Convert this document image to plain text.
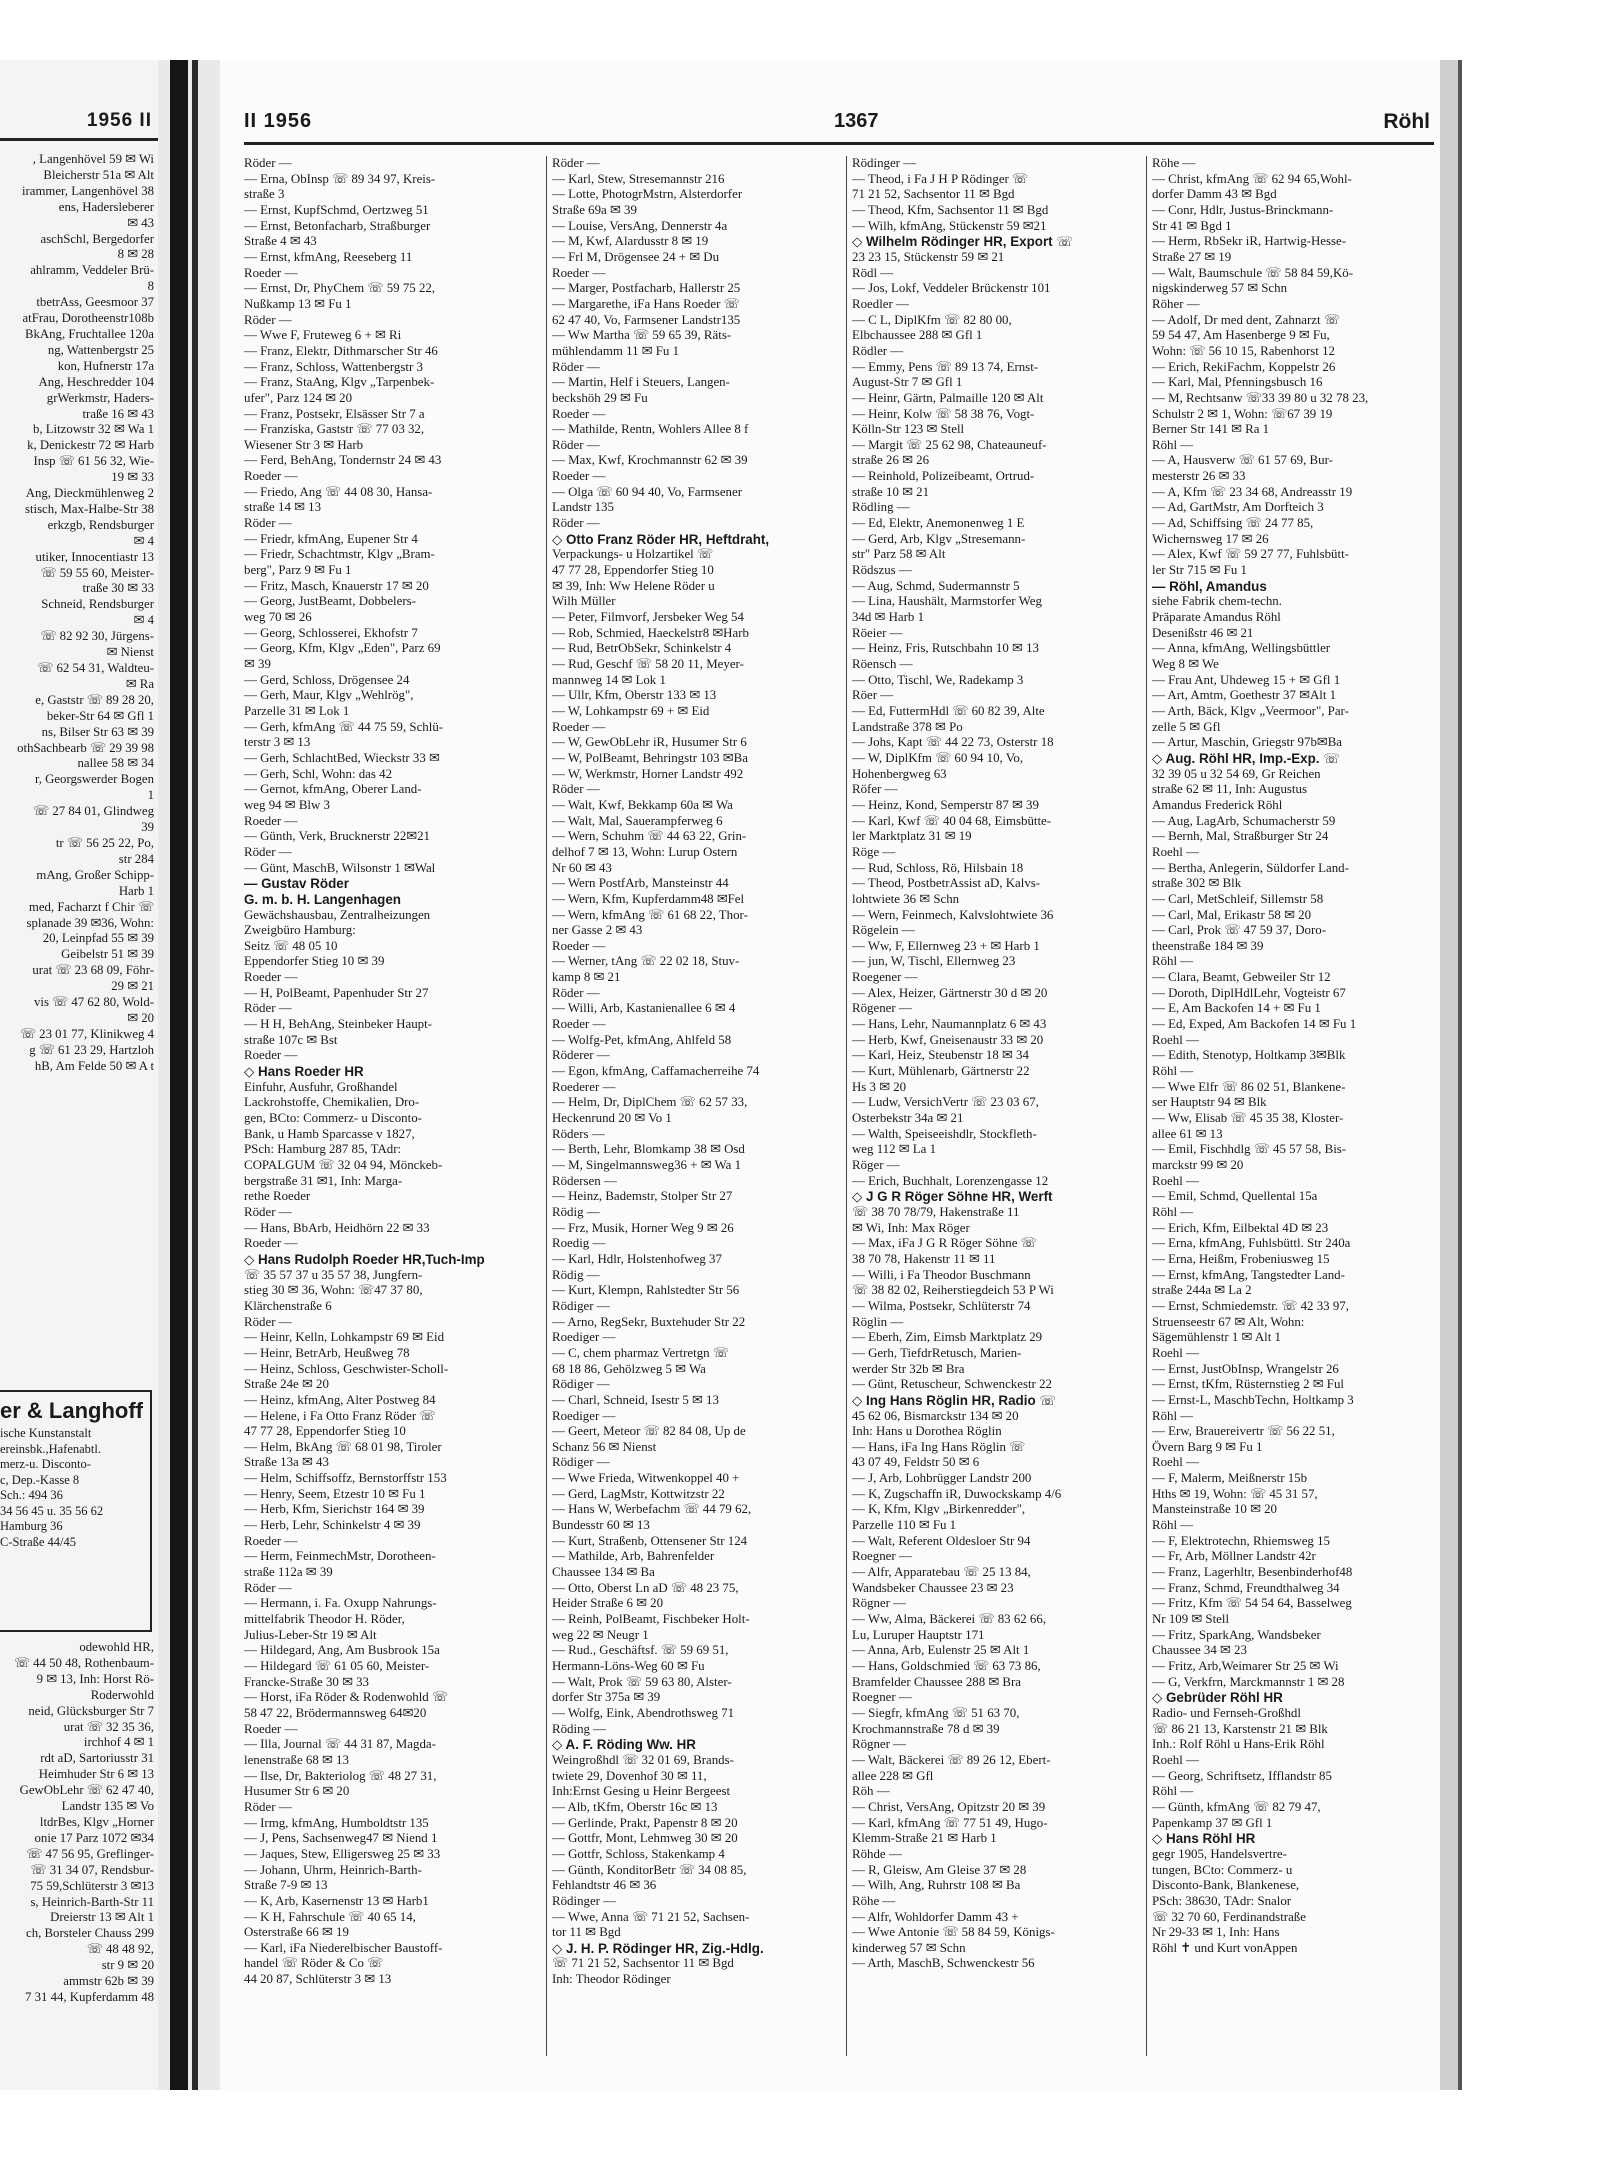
1956 II
, Langenhövel 59 ✉ Wi
Bleicherstr 51a ✉ Alt
irammer, Langenhövel 38
ens, Hadersleberer
✉ 43
aschSchl, Bergedorfer
8 ✉ 28
ahlramm, Veddeler Brü-
8
tbetrAss, Geesmoor 37
atFrau, Dorotheenstr108b
BkAng, Fruchtallee 120a
ng, Wattenbergstr 25
kon, Hufnerstr 17a
Ang, Heschredder 104
grWerkmstr, Haders-
traße 16 ✉ 43
b, Litzowstr 32 ✉ Wa 1
k, Denickestr 72 ✉ Harb
Insp ☏ 61 56 32, Wie-
19 ✉ 33
Ang, Dieckmühlenweg 2
stisch, Max-Halbe-Str 38
erkzgb, Rendsburger
✉ 4
utiker, Innocentiastr 13
☏ 59 55 60, Meister-
traße 30 ✉ 33
Schneid, Rendsburger
✉ 4
☏ 82 92 30, Jürgens-
✉ Nienst
☏ 62 54 31, Waldteu-
✉ Ra
e, Gaststr ☏ 89 28 20,
beker-Str 64 ✉ Gfl 1
ns, Bilser Str 63 ✉ 39
othSachbearb ☏ 29 39 98
nallee 58 ✉ 34
r, Georgswerder Bogen
1
☏ 27 84 01, Glindweg
39
tr ☏ 56 25 22, Po,
str 284
mAng, Großer Schipp-
Harb 1
med, Facharzt f Chir ☏
splanade 39 ✉36, Wohn:
20, Leinpfad 55 ✉ 39
Geibelstr 51 ✉ 39
urat ☏ 23 68 09, Föhr-
29 ✉ 21
vis ☏ 47 62 80, Wold-
✉ 20
☏ 23 01 77, Klinikweg 4
g ☏ 61 23 29, Hartzloh
hB, Am Felde 50 ✉ A t
er & Langhoff
ische Kunstanstalt
ereinsbk.,Hafenabtl.
merz-u. Disconto-
c, Dep.-Kasse 8
Sch.: 494 36
34 56 45 u. 35 56 62
Hamburg 36
C-Straße 44/45
odewohld HR,
☏ 44 50 48, Rothenbaum-
9 ✉ 13, Inh: Horst Rö-
Roderwohld
neid, Glücksburger Str 7
urat ☏ 32 35 36,
irchhof 4 ✉ 1
rdt aD, Sartoriusstr 31
Heimhuder Str 6 ✉ 13
GewObLehr ☏ 62 47 40,
Landstr 135 ✉ Vo
ltdrBes, Klgv „Horner
onie 17 Parz 1072 ✉34
☏ 47 56 95, Greflinger-
☏ 31 34 07, Rendsbur-
75 59,Schlüterstr 3 ✉13
s, Heinrich-Barth-Str 11
Dreierstr 13 ✉ Alt 1
ch, Borsteler Chauss 299
☏ 48 48 92,
str 9 ✉ 20
ammstr 62b ✉ 39
7 31 44, Kupferdamm 48
II 1956	1367	Röhl
Röder —
— Erna, ObInsp ☏ 89 34 97, Kreis-
straße 3
— Ernst, KupfSchmd, Oertzweg 51
— Ernst, Betonfacharb, Straßburger
Straße 4 ✉ 43
— Ernst, kfmAng, Reeseberg 11
Roeder —
— Ernst, Dr, PhyChem ☏ 59 75 22,
Nußkamp 13 ✉ Fu 1
Röder —
— Wwe F, Fruteweg 6 + ✉ Ri
— Franz, Elektr, Dithmarscher Str 46
— Franz, Schloss, Wattenbergstr 3
— Franz, StaAng, Klgv „Tarpenbek-
ufer", Parz 124 ✉ 20
— Franz, Postsekr, Elsässer Str 7 a
— Franziska, Gaststr ☏ 77 03 32,
Wiesener Str 3 ✉ Harb
— Ferd, BehAng, Tondernstr 24 ✉ 43
Roeder —
— Friedo, Ang ☏ 44 08 30, Hansa-
straße 14 ✉ 13
Röder —
— Friedr, kfmAng, Eupener Str 4
— Friedr, Schachtmstr, Klgv „Bram-
berg", Parz 9 ✉ Fu 1
— Fritz, Masch, Knauerstr 17 ✉ 20
— Georg, JustBeamt, Dobbelers-
weg 70 ✉ 26
— Georg, Schlosserei, Ekhofstr 7
— Georg, Kfm, Klgv „Eden", Parz 69
✉ 39
— Gerd, Schloss, Drögensee 24
— Gerh, Maur, Klgv „Wehlrög",
Parzelle 31 ✉ Lok 1
— Gerh, kfmAng ☏ 44 75 59, Schlü-
terstr 3 ✉ 13
— Gerh, SchlachtBed, Wieckstr 33 ✉
— Gerh, Schl, Wohn: das 42
— Gernot, kfmAng, Oberer Land-
weg 94 ✉ Blw 3
Roeder —
— Günth, Verk, Brucknerstr 22✉21
Röder —
— Günt, MaschB, Wilsonstr 1 ✉Wal
— Gustav Röder
G. m. b. H. Langenhagen
Gewächshausbau, Zentralheizungen
Zweigbüro Hamburg:
Seitz ☏ 48 05 10
Eppendorfer Stieg 10 ✉ 39
Roeder —
— H, PolBeamt, Papenhuder Str 27
Röder —
— H H, BehAng, Steinbeker Haupt-
straße 107c ✉ Bst
Roeder —
◇ Hans Roeder HR
Einfuhr, Ausfuhr, Großhandel
Lackrohstoffe, Chemikalien, Dro-
gen, BCto: Commerz- u Disconto-
Bank, u Hamb Sparcasse v 1827,
PSch: Hamburg 287 85, TAdr:
COPALGUM ☏ 32 04 94, Mönckeb-
bergstraße 31 ✉1, Inh: Marga-
rethe Roeder
Röder —
— Hans, BbArb, Heidhörn 22 ✉ 33
Roeder —
◇ Hans Rudolph Roeder HR,Tuch-Imp
☏ 35 57 37 u 35 57 38, Jungfern-
stieg 30 ✉ 36, Wohn: ☏47 37 80,
Klärchenstraße 6
Röder —
— Heinr, Kelln, Lohkampstr 69 ✉ Eid
— Heinr, BetrArb, Heußweg 78
— Heinz, Schloss, Geschwister-Scholl-
Straße 24e ✉ 20
— Heinz, kfmAng, Alter Postweg 84
— Helene, i Fa Otto Franz Röder ☏
47 77 28, Eppendorfer Stieg 10
— Helm, BkAng ☏ 68 01 98, Tiroler
Straße 13a ✉ 43
— Helm, Schiffsoffz, Bernstorffstr 153
— Henry, Seem, Etzestr 10 ✉ Fu 1
— Herb, Kfm, Sierichstr 164 ✉ 39
— Herb, Lehr, Schinkelstr 4 ✉ 39
Roeder —
— Herm, FeinmechMstr, Dorotheen-
straße 112a ✉ 39
Röder —
— Hermann, i. Fa. Oxupp Nahrungs-
mittelfabrik Theodor H. Röder,
Julius-Leber-Str 19 ✉ Alt
— Hildegard, Ang, Am Busbrook 15a
— Hildegard ☏ 61 05 60, Meister-
Francke-Straße 30 ✉ 33
— Horst, iFa Röder & Rodenwohld ☏
58 47 22, Brödermannsweg 64✉20
Roeder —
— Illa, Journal ☏ 44 31 87, Magda-
lenenstraße 68 ✉ 13
— Ilse, Dr, Bakteriolog ☏ 48 27 31,
Husumer Str 6 ✉ 20
Röder —
— Irmg, kfmAng, Humboldtstr 135
— J, Pens, Sachsenweg47 ✉ Niend 1
— Jaques, Stew, Elligersweg 25 ✉ 33
— Johann, Uhrm, Heinrich-Barth-
Straße 7-9 ✉ 13
— K, Arb, Kasernenstr 13 ✉ Harb1
— K H, Fahrschule ☏ 40 65 14,
Osterstraße 66 ✉ 19
— Karl, iFa Niederelbischer Baustoff-
handel ☏ Röder & Co ☏
44 20 87, Schlüterstr 3 ✉ 13
Röder —
— Karl, Stew, Stresemannstr 216
— Lotte, PhotogrMstrn, Alsterdorfer
Straße 69a ✉ 39
— Louise, VersAng, Dennerstr 4a
— M, Kwf, Alardusstr 8 ✉ 19
— Frl M, Drögensee 24 + ✉ Du
Roeder —
— Marger, Postfacharb, Hallerstr 25
— Margarethe, iFa Hans Roeder ☏
62 47 40, Vo, Farmsener Landstr135
— Ww Martha ☏ 59 65 39, Räts-
mühlendamm 11 ✉ Fu 1
Röder —
— Martin, Helf i Steuers, Langen-
beckshöh 29 ✉ Fu
Roeder —
— Mathilde, Rentn, Wohlers Allee 8 f
Röder —
— Max, Kwf, Krochmannstr 62 ✉ 39
Roeder —
— Olga ☏ 60 94 40, Vo, Farmsener
Landstr 135
Röder —
◇ Otto Franz Röder HR, Heftdraht,
Verpackungs- u Holzartikel ☏
47 77 28, Eppendorfer Stieg 10
✉ 39, Inh: Ww Helene Röder u
Wilh Müller
— Peter, Filmvorf, Jersbeker Weg 54
— Rob, Schmied, Haeckelstr8 ✉Harb
— Rud, BetrObSekr, Schinkelstr 4
— Rud, Geschf ☏ 58 20 11, Meyer-
mannweg 14 ✉ Lok 1
— Ullr, Kfm, Oberstr 133 ✉ 13
— W, Lohkampstr 69 + ✉ Eid
Roeder —
— W, GewObLehr iR, Husumer Str 6
— W, PolBeamt, Behringstr 103 ✉Ba
— W, Werkmstr, Horner Landstr 492
Röder —
— Walt, Kwf, Bekkamp 60a ✉ Wa
— Walt, Mal, Sauerampferweg 6
— Wern, Schuhm ☏ 44 63 22, Grin-
delhof 7 ✉ 13, Wohn: Lurup Ostern
Nr 60 ✉ 43
— Wern PostfArb, Mansteinstr 44
— Wern, Kfm, Kupferdamm48 ✉Fel
— Wern, kfmAng ☏ 61 68 22, Thor-
ner Gasse 2 ✉ 43
Roeder —
— Werner, tAng ☏ 22 02 18, Stuv-
kamp 8 ✉ 21
Röder —
— Willi, Arb, Kastanienallee 6 ✉ 4
Roeder —
— Wolfg-Pet, kfmAng, Ahlfeld 58
Röderer —
— Egon, kfmAng, Caffamacherreihe 74
Roederer —
— Helm, Dr, DiplChem ☏ 62 57 33,
Heckenrund 20 ✉ Vo 1
Röders —
— Berth, Lehr, Blomkamp 38 ✉ Osd
— M, Singelmannsweg36 + ✉ Wa 1
Rödersen —
— Heinz, Bademstr, Stolper Str 27
Rödig —
— Frz, Musik, Horner Weg 9 ✉ 26
Roedig —
— Karl, Hdlr, Holstenhofweg 37
Rödig —
— Kurt, Klempn, Rahlstedter Str 56
Rödiger —
— Arno, RegSekr, Buxtehuder Str 22
Roediger —
— C, chem pharmaz Vertretgn ☏
68 18 86, Gehölzweg 5 ✉ Wa
Rödiger —
— Charl, Schneid, Isestr 5 ✉ 13
Roediger —
— Geert, Meteor ☏ 82 84 08, Up de
Schanz 56 ✉ Nienst
Rödiger —
— Wwe Frieda, Witwenkoppel 40 +
— Gerd, LagMstr, Kottwitzstr 22
— Hans W, Werbefachm ☏ 44 79 62,
Bundesstr 60 ✉ 13
— Kurt, Straßenb, Ottensener Str 124
— Mathilde, Arb, Bahrenfelder
Chaussee 134 ✉ Ba
— Otto, Oberst Ln aD ☏ 48 23 75,
Heider Straße 6 ✉ 20
— Reinh, PolBeamt, Fischbeker Holt-
weg 22 ✉ Neugr 1
— Rud., Geschäftsf. ☏ 59 69 51,
Hermann-Löns-Weg 60 ✉ Fu
— Walt, Prok ☏ 59 63 80, Alster-
dorfer Str 375a ✉ 39
— Wolfg, Eink, Abendrothsweg 71
Röding —
◇ A. F. Röding Ww. HR
Weingroßhdl ☏ 32 01 69, Brands-
twiete 29, Dovenhof 30 ✉ 11,
Inh:Ernst Gesing u Heinr Bergeest
— Alb, tKfm, Oberstr 16c ✉ 13
— Gerlinde, Prakt, Papenstr 8 ✉ 20
— Gottfr, Mont, Lehmweg 30 ✉ 20
— Gottfr, Schloss, Stakenkamp 4
— Günth, KonditorBetr ☏ 34 08 85,
Fehlandtstr 46 ✉ 36
Rödinger —
— Wwe, Anna ☏ 71 21 52, Sachsen-
tor 11 ✉ Bgd
◇ J. H. P. Rödinger HR, Zig.-Hdlg.
☏ 71 21 52, Sachsentor 11 ✉ Bgd
Inh: Theodor Rödinger
Rödinger —
— Theod, i Fa J H P Rödinger ☏
71 21 52, Sachsentor 11 ✉ Bgd
— Theod, Kfm, Sachsentor 11 ✉ Bgd
— Wilh, kfmAng, Stückenstr 59 ✉21
◇ Wilhelm Rödinger HR, Export ☏
23 23 15, Stückenstr 59 ✉ 21
Rödl —
— Jos, Lokf, Veddeler Brückenstr 101
Roedler —
— C L, DiplKfm ☏ 82 80 00,
Elbchaussee 288 ✉ Gfl 1
Rödler —
— Emmy, Pens ☏ 89 13 74, Ernst-
August-Str 7 ✉ Gfl 1
— Heinr, Gärtn, Palmaille 120 ✉ Alt
— Heinr, Kolw ☏ 58 38 76, Vogt-
Kölln-Str 123 ✉ Stell
— Margit ☏ 25 62 98, Chateauneuf-
straße 26 ✉ 26
— Reinhold, Polizeibeamt, Ortrud-
straße 10 ✉ 21
Rödling —
— Ed, Elektr, Anemonenweg 1 E
— Gerd, Arb, Klgv „Stresemann-
str" Parz 58 ✉ Alt
Rödszus —
— Aug, Schmd, Sudermannstr 5
— Lina, Haushält, Marmstorfer Weg
34d ✉ Harb 1
Röeier —
— Heinz, Fris, Rutschbahn 10 ✉ 13
Röensch —
— Otto, Tischl, We, Radekamp 3
Röer —
— Ed, FuttermHdl ☏ 60 82 39, Alte
Landstraße 378 ✉ Po
— Johs, Kapt ☏ 44 22 73, Osterstr 18
— W, DiplKfm ☏ 60 94 10, Vo,
Hohenbergweg 63
Röfer —
— Heinz, Kond, Semperstr 87 ✉ 39
— Karl, Kwf ☏ 40 04 68, Eimsbütte-
ler Marktplatz 31 ✉ 19
Röge —
— Rud, Schloss, Rö, Hilsbain 18
— Theod, PostbetrAssist aD, Kalvs-
lohtwiete 36 ✉ Schn
— Wern, Feinmech, Kalvslohtwiete 36
Rögelein —
— Ww, F, Ellernweg 23 + ✉ Harb 1
— jun, W, Tischl, Ellernweg 23
Roegener —
— Alex, Heizer, Gärtnerstr 30 d ✉ 20
Rögener —
— Hans, Lehr, Naumannplatz 6 ✉ 43
— Herb, Kwf, Gneisenaustr 33 ✉ 20
— Karl, Heiz, Steubenstr 18 ✉ 34
— Kurt, Mühlenarb, Gärtnerstr 22
Hs 3 ✉ 20
— Ludw, VersichVertr ☏ 23 03 67,
Osterbekstr 34a ✉ 21
— Walth, Speiseeishdlr, Stockfleth-
weg 112 ✉ La 1
Röger —
— Erich, Buchhalt, Lorenzengasse 12
◇ J G R Röger Söhne HR, Werft
☏ 38 70 78/79, Hakenstraße 11
✉ Wi, Inh: Max Röger
— Max, iFa J G R Röger Söhne ☏
38 70 78, Hakenstr 11 ✉ 11
— Willi, i Fa Theodor Buschmann
☏ 38 82 02, Reiherstiegdeich 53 P Wi
— Wilma, Postsekr, Schlüterstr 74
Röglin —
— Eberh, Zim, Eimsb Marktplatz 29
— Gerh, TiefdrRetusch, Marien-
werder Str 32b ✉ Bra
— Günt, Retuscheur, Schwenckestr 22
◇ Ing Hans Röglin HR, Radio ☏
45 62 06, Bismarckstr 134 ✉ 20
Inh: Hans u Dorothea Röglin
— Hans, iFa Ing Hans Röglin ☏
43 07 49, Feldstr 50 ✉ 6
— J, Arb, Lohbrügger Landstr 200
— K, Zugschaffn iR, Duwockskamp 4/6
— K, Kfm, Klgv „Birkenredder",
Parzelle 110 ✉ Fu 1
— Walt, Referent Oldesloer Str 94
Roegner —
— Alfr, Apparatebau ☏ 25 13 84,
Wandsbeker Chaussee 23 ✉ 23
Rögner —
— Ww, Alma, Bäckerei ☏ 83 62 66,
Lu, Luruper Hauptstr 171
— Anna, Arb, Eulenstr 25 ✉ Alt 1
— Hans, Goldschmied ☏ 63 73 86,
Bramfelder Chaussee 288 ✉ Bra
Roegner —
— Siegfr, kfmAng ☏ 51 63 70,
Krochmannstraße 78 d ✉ 39
Rögner —
— Walt, Bäckerei ☏ 89 26 12, Ebert-
allee 228 ✉ Gfl
Röh —
— Christ, VersAng, Opitzstr 20 ✉ 39
— Karl, kfmAng ☏ 77 51 49, Hugo-
Klemm-Straße 21 ✉ Harb 1
Röhde —
— R, Gleisw, Am Gleise 37 ✉ 28
— Wilh, Ang, Ruhrstr 108 ✉ Ba
Röhe —
— Alfr, Wohldorfer Damm 43 +
— Wwe Antonie ☏ 58 84 59, Königs-
kinderweg 57 ✉ Schn
— Arth, MaschB, Schwenckestr 56
Röhe —
— Christ, kfmAng ☏ 62 94 65,Wohl-
dorfer Damm 43 ✉ Bgd
— Conr, Hdlr, Justus-Brinckmann-
Str 41 ✉ Bgd 1
— Herm, RbSekr iR, Hartwig-Hesse-
Straße 27 ✉ 19
— Walt, Baumschule ☏ 58 84 59,Kö-
nigskinderweg 57 ✉ Schn
Röher —
— Adolf, Dr med dent, Zahnarzt ☏
59 54 47, Am Hasenberge 9 ✉ Fu,
Wohn: ☏ 56 10 15, Rabenhorst 12
— Erich, RekiFachm, Koppelstr 26
— Karl, Mal, Pfenningsbusch 16
— M, Rechtsanw ☏33 39 80 u 32 78 23,
Schulstr 2 ✉ 1, Wohn: ☏67 39 19
Berner Str 141 ✉ Ra 1
Röhl —
— A, Hausverw ☏ 61 57 69, Bur-
mesterstr 26 ✉ 33
— A, Kfm ☏ 23 34 68, Andreasstr 19
— Ad, GartMstr, Am Dorfteich 3
— Ad, Schiffsing ☏ 24 77 85,
Wichernsweg 17 ✉ 26
— Alex, Kwf ☏ 59 27 77, Fuhlsbütt-
ler Str 715 ✉ Fu 1
— Röhl, Amandus
siehe Fabrik chem-techn.
Präparate Amandus Röhl
Desenißstr 46 ✉ 21
— Anna, kfmAng, Wellingsbüttler
Weg 8 ✉ We
— Frau Ant, Uhdeweg 15 + ✉ Gfl 1
— Art, Amtm, Goethestr 37 ✉Alt 1
— Arth, Bäck, Klgv „Veermoor", Par-
zelle 5 ✉ Gfl
— Artur, Maschin, Griegstr 97b✉Ba
◇ Aug. Röhl HR, Imp.-Exp. ☏
32 39 05 u 32 54 69, Gr Reichen
straße 62 ✉ 11, Inh: Augustus
Amandus Frederick Röhl
— Aug, LagArb, Schumacherstr 59
— Bernh, Mal, Straßburger Str 24
Roehl —
— Bertha, Anlegerin, Süldorfer Land-
straße 302 ✉ Blk
— Carl, MetSchleif, Sillemstr 58
— Carl, Mal, Erikastr 58 ✉ 20
— Carl, Prok ☏ 47 59 37, Doro-
theenstraße 184 ✉ 39
Röhl —
— Clara, Beamt, Gebweiler Str 12
— Doroth, DiplHdlLehr, Vogteistr 67
— E, Am Backofen 14 + ✉ Fu 1
— Ed, Exped, Am Backofen 14 ✉ Fu 1
Roehl —
— Edith, Stenotyp, Holtkamp 3✉Blk
Röhl —
— Wwe Elfr ☏ 86 02 51, Blankene-
ser Hauptstr 94 ✉ Blk
— Ww, Elisab ☏ 45 35 38, Kloster-
allee 61 ✉ 13
— Emil, Fischhdlg ☏ 45 57 58, Bis-
marckstr 99 ✉ 20
Roehl —
— Emil, Schmd, Quellental 15a
Röhl —
— Erich, Kfm, Eilbektal 4D ✉ 23
— Erna, kfmAng, Fuhlsbüttl. Str 240a
— Erna, Heißm, Frobeniusweg 15
— Ernst, kfmAng, Tangstedter Land-
straße 244a ✉ La 2
— Ernst, Schmiedemstr. ☏ 42 33 97,
Struenseestr 67 ✉ Alt, Wohn:
Sägemühlenstr 1 ✉ Alt 1
Roehl —
— Ernst, JustObInsp, Wrangelstr 26
— Ernst, tKfm, Rüsternstieg 2 ✉ Ful
— Ernst-L, MaschbTechn, Holtkamp 3
Röhl —
— Erw, Brauereivertr ☏ 56 22 51,
Övern Barg 9 ✉ Fu 1
Roehl —
— F, Malerm, Meißnerstr 15b
Hths ✉ 19, Wohn: ☏ 45 31 57,
Mansteinstraße 10 ✉ 20
Röhl —
— F, Elektrotechn, Rhiemsweg 15
— Fr, Arb, Möllner Landstr 42r
— Franz, Lagerhltr, Besenbinderhof48
— Franz, Schmd, Freundthalweg 34
— Fritz, Kfm ☏ 54 54 64, Basselweg
Nr 109 ✉ Stell
— Fritz, SparkAng, Wandsbeker
Chaussee 34 ✉ 23
— Fritz, Arb,Weimarer Str 25 ✉ Wi
— G, Verkfrn, Marckmannstr 1 ✉ 28
◇ Gebrüder Röhl HR
Radio- und Fernseh-Großhdl
☏ 86 21 13, Karstenstr 21 ✉ Blk
Inh.: Rolf Röhl u Hans-Erik Röhl
Roehl —
— Georg, Schriftsetz, Ifflandstr 85
Röhl —
— Günth, kfmAng ☏ 82 79 47,
Papenkamp 37 ✉ Gfl 1
◇ Hans Röhl HR
gegr 1905, Handelsvertre-
tungen, BCto: Commerz- u
Disconto-Bank, Blankenese,
PSch: 38630, TAdr: Snalor
☏ 32 70 60, Ferdinandstraße
Nr 29-33 ✉ 1, Inh: Hans
Röhl ✝ und Kurt vonAppen
